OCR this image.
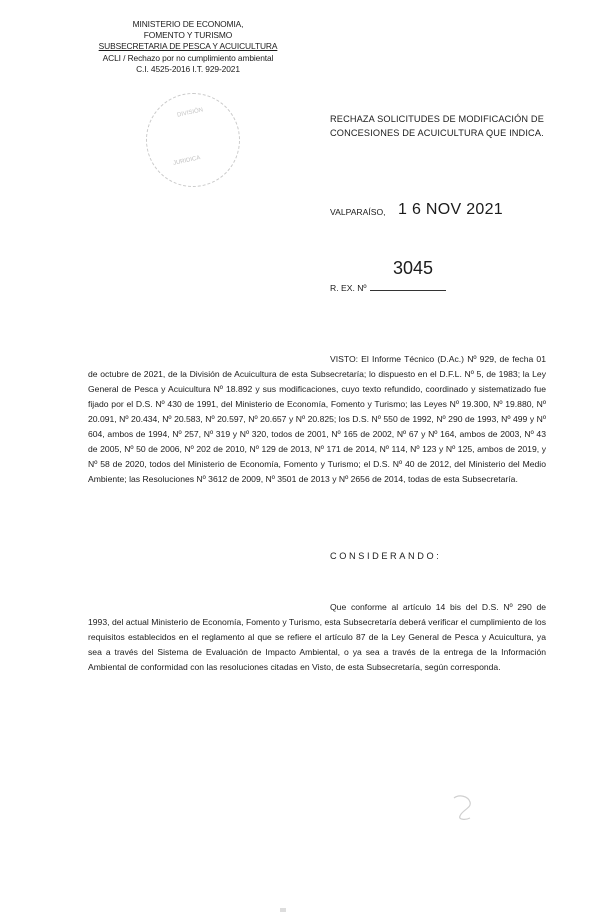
MINISTERIO DE ECONOMIA,
FOMENTO Y TURISMO
SUBSECRETARIA DE PESCA Y ACUICULTURA
ACLI / Rechazo por no cumplimiento ambiental
C.I. 4525-2016 I.T. 929-2021
DIVISIÓN
JURIDICA
RECHAZA SOLICITUDES DE MODIFICACIÓN DE CONCESIONES DE ACUICULTURA QUE INDICA.
VALPARAÍSO, 1 6 NOV 2021
3045
R. EX. Nº
VISTO: El Informe Técnico (D.Ac.) Nº 929, de fecha 01 de octubre de 2021, de la División de Acuicultura de esta Subsecretaría; lo dispuesto en el D.F.L. Nº 5, de 1983; la Ley General de Pesca y Acuicultura Nº 18.892 y sus modificaciones, cuyo texto refundido, coordinado y sistematizado fue fijado por el D.S. Nº 430 de 1991, del Ministerio de Economía, Fomento y Turismo; las Leyes Nº 19.300, Nº 19.880, Nº 20.091, Nº 20.434, Nº 20.583, Nº 20.597, Nº 20.657 y Nº 20.825; los D.S. Nº 550 de 1992, Nº 290 de 1993, Nº 499 y Nº 604, ambos de 1994, Nº 257, Nº 319 y Nº 320, todos de 2001, Nº 165 de 2002, Nº 67 y Nº 164, ambos de 2003, Nº 43 de 2005, Nº 50 de 2006, Nº 202 de 2010, Nº 129 de 2013, Nº 171 de 2014, Nº 114, Nº 123 y Nº 125, ambos de 2019, y Nº 58 de 2020, todos del Ministerio de Economía, Fomento y Turismo; el D.S. Nº 40 de 2012, del Ministerio del Medio Ambiente; las Resoluciones Nº 3612 de 2009, Nº 3501 de 2013 y Nº 2656 de 2014, todas de esta Subsecretaría.
CONSIDERANDO:
Que conforme al artículo 14 bis del D.S. Nº 290 de 1993, del actual Ministerio de Economía, Fomento y Turismo, esta Subsecretaría deberá verificar el cumplimiento de los requisitos establecidos en el reglamento al que se refiere el artículo 87 de la Ley General de Pesca y Acuicultura, ya sea a través del Sistema de Evaluación de Impacto Ambiental, o ya sea a través de la entrega de la Información Ambiental de conformidad con las resoluciones citadas en Visto, de esta Subsecretaría, según corresponda.
